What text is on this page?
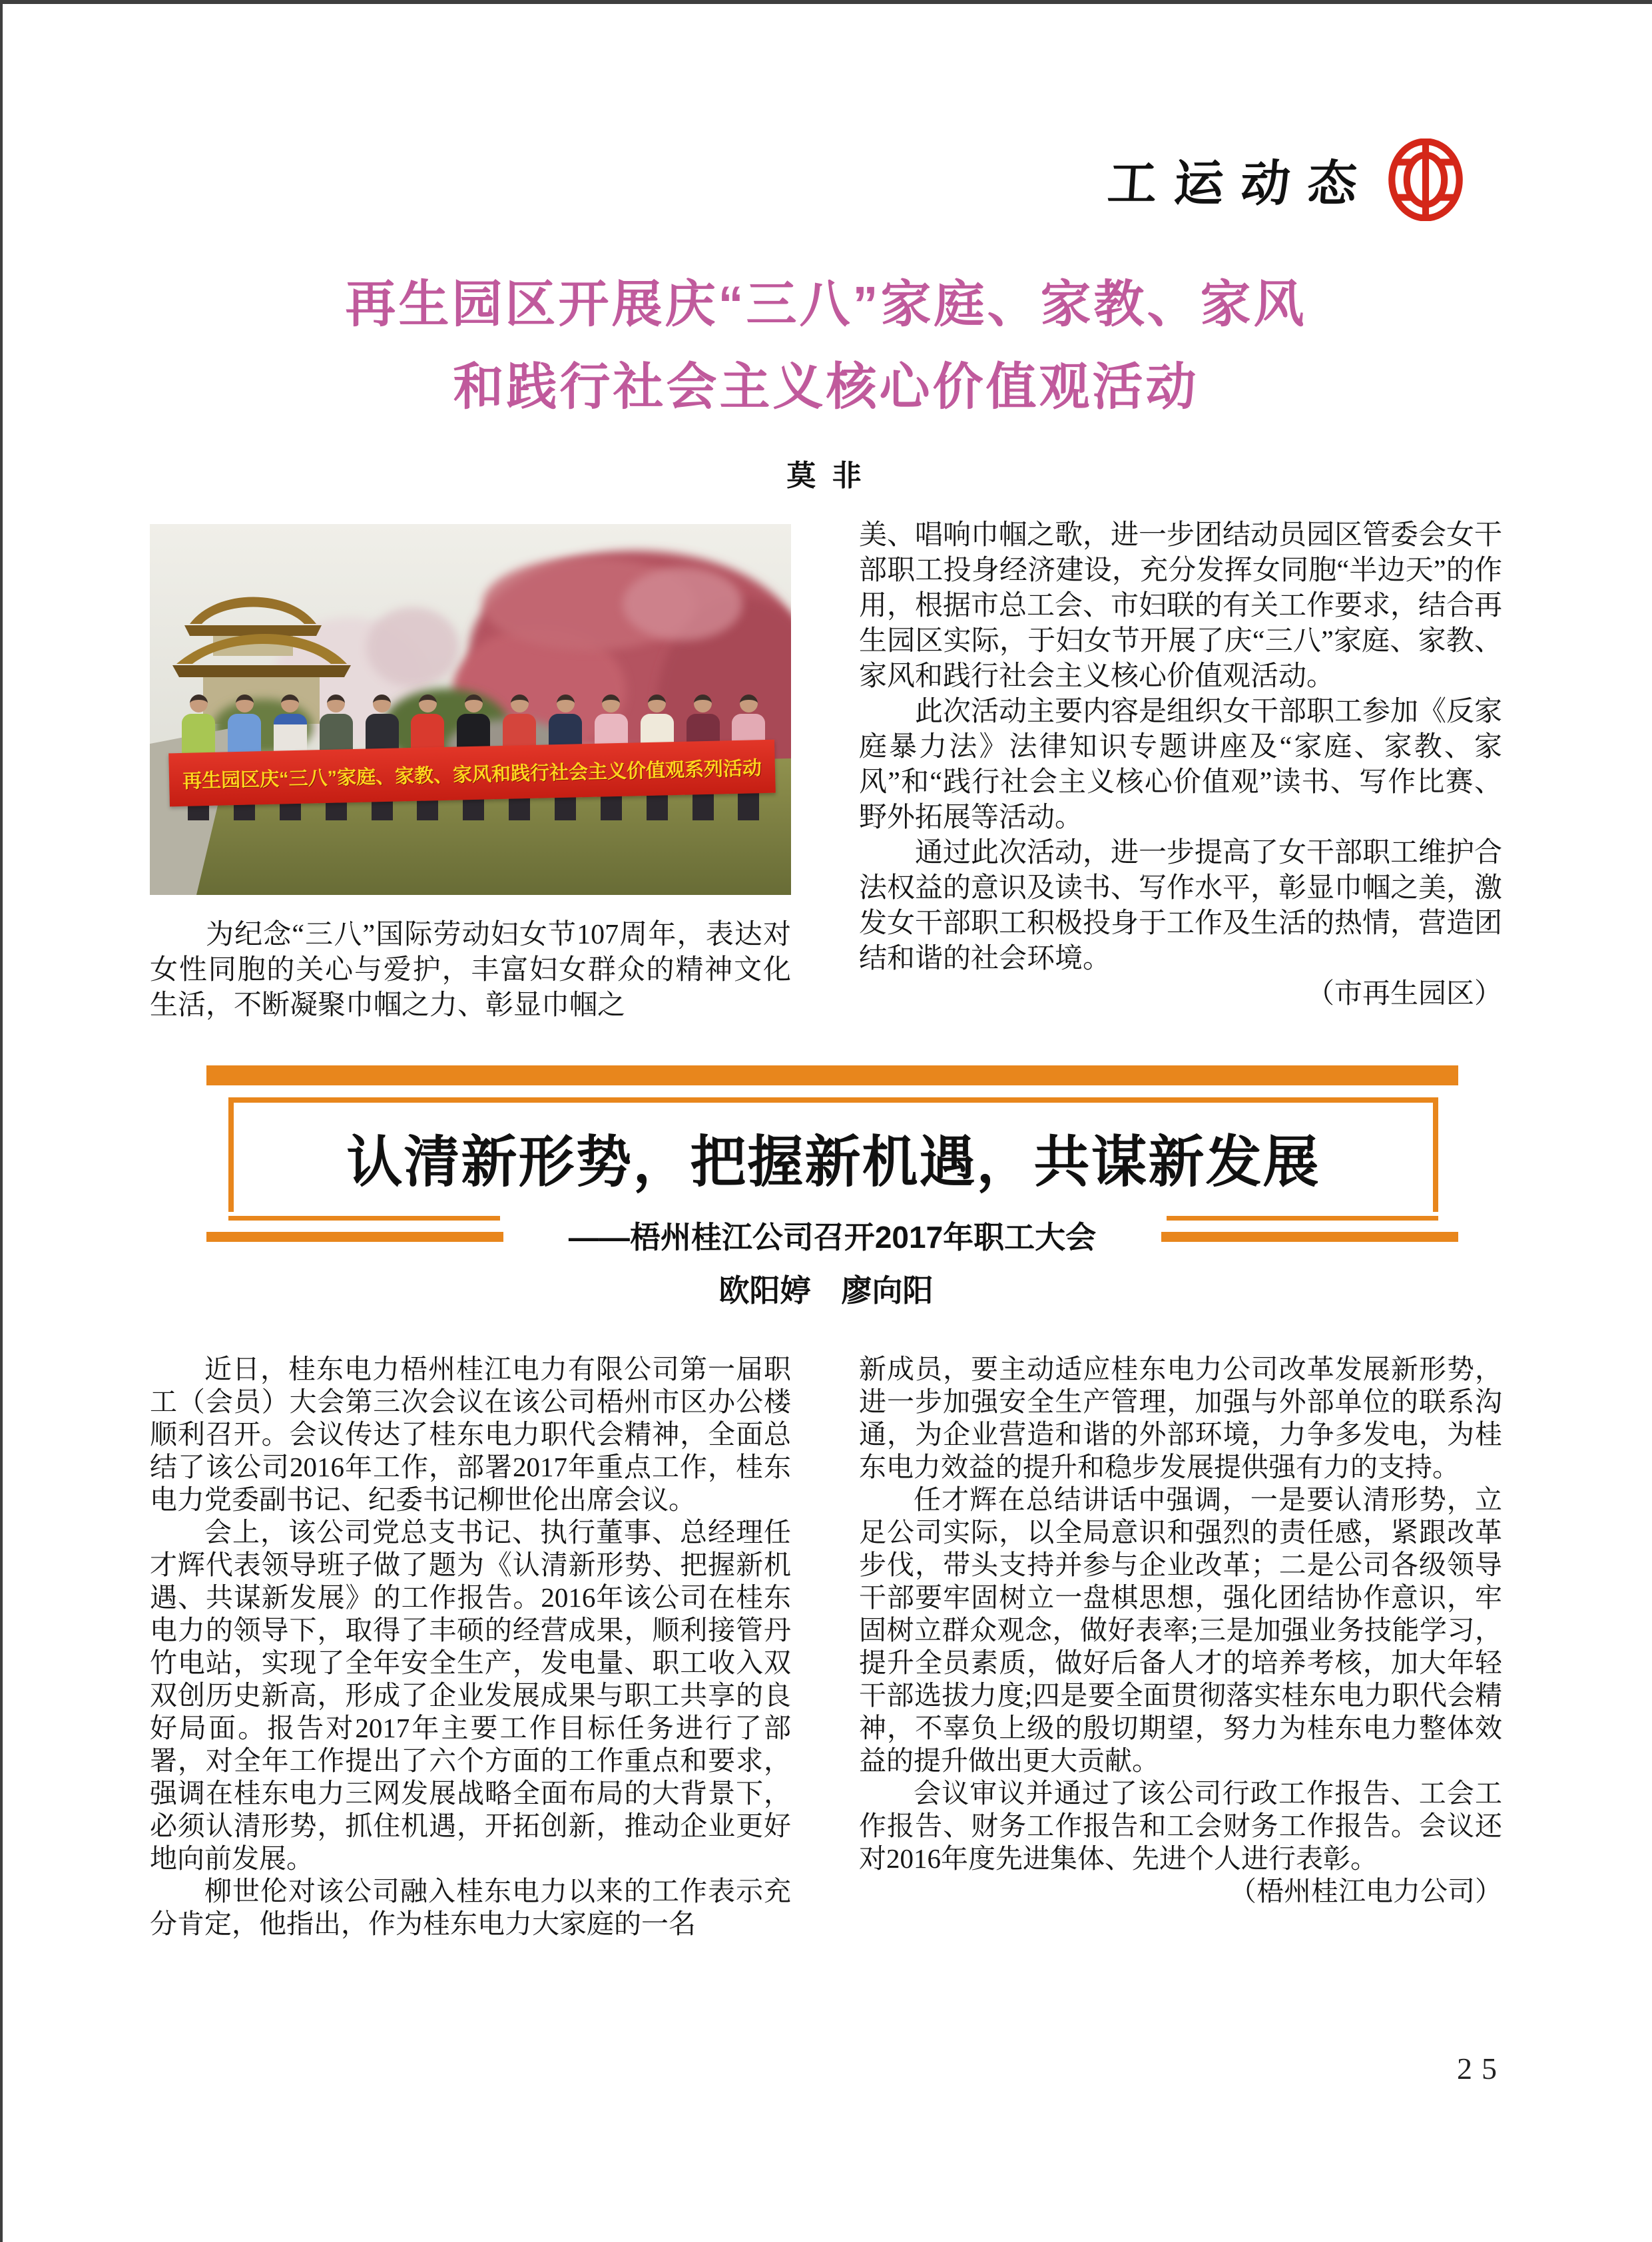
工运动态
再生园区开展庆“三八”家庭、家教、家风
和践行社会主义核心价值观活动
莫 非
再生园区庆“三八”家庭、家教、家风和践行社会主义价值观系列活动

为纪念“三八”国际劳动妇女节107周年，表达对女性同胞的关心与爱护，丰富妇女群众的精神文化生活，不断凝聚巾帼之力、彰显巾帼之

美、唱响巾帼之歌，进一步团结动员园区管委会女干部职工投身经济建设，充分发挥女同胞“半边天”的作用，根据市总工会、市妇联的有关工作要求，结合再生园区实际，于妇女节开展了庆“三八”家庭、家教、家风和践行社会主义核心价值观活动。

此次活动主要内容是组织女干部职工参加《反家庭暴力法》法律知识专题讲座及“家庭、家教、家风”和“践行社会主义核心价值观”读书、写作比赛、野外拓展等活动。

通过此次活动，进一步提高了女干部职工维护合法权益的意识及读书、写作水平，彰显巾帼之美，激发女干部职工积极投身于工作及生活的热情，营造团结和谐的社会环境。

（市再生园区）

认清新形势，把握新机遇，共谋新发展
——梧州桂江公司召开2017年职工大会
欧阳婷　廖向阳

近日，桂东电力梧州桂江电力有限公司第一届职工（会员）大会第三次会议在该公司梧州市区办公楼顺利召开。会议传达了桂东电力职代会精神，全面总结了该公司2016年工作，部署2017年重点工作，桂东电力党委副书记、纪委书记柳世伦出席会议。

会上，该公司党总支书记、执行董事、总经理任才辉代表领导班子做了题为《认清新形势、把握新机遇、共谋新发展》的工作报告。2016年该公司在桂东电力的领导下，取得了丰硕的经营成果，顺利接管丹竹电站，实现了全年安全生产，发电量、职工收入双双创历史新高，形成了企业发展成果与职工共享的良好局面。报告对2017年主要工作目标任务进行了部署，对全年工作提出了六个方面的工作重点和要求，强调在桂东电力三网发展战略全面布局的大背景下，必须认清形势，抓住机遇，开拓创新，推动企业更好地向前发展。

柳世伦对该公司融入桂东电力以来的工作表示充分肯定，他指出，作为桂东电力大家庭的一名

新成员，要主动适应桂东电力公司改革发展新形势，进一步加强安全生产管理，加强与外部单位的联系沟通，为企业营造和谐的外部环境，力争多发电，为桂东电力效益的提升和稳步发展提供强有力的支持。

任才辉在总结讲话中强调，一是要认清形势，立足公司实际，以全局意识和强烈的责任感，紧跟改革步伐，带头支持并参与企业改革；二是公司各级领导干部要牢固树立一盘棋思想，强化团结协作意识，牢固树立群众观念，做好表率;三是加强业务技能学习，提升全员素质，做好后备人才的培养考核，加大年轻干部选拔力度;四是要全面贯彻落实桂东电力职代会精神，不辜负上级的殷切期望，努力为桂东电力整体效益的提升做出更大贡献。

会议审议并通过了该公司行政工作报告、工会工作报告、财务工作报告和工会财务工作报告。会议还对2016年度先进集体、先进个人进行表彰。
（梧州桂江电力公司）

25
